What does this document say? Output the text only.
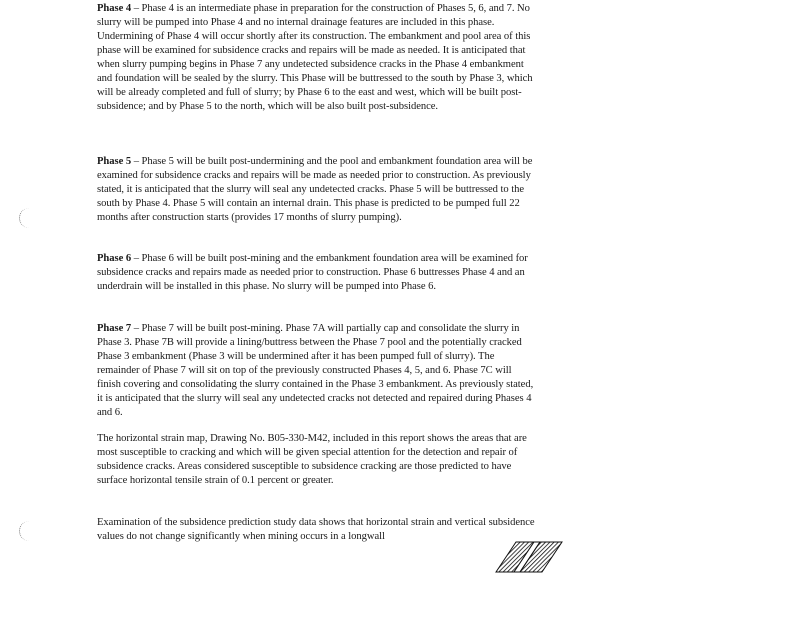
Phase 4 – Phase 4 is an intermediate phase in preparation for the construction of Phases 5, 6, and 7. No slurry will be pumped into Phase 4 and no internal drainage features are included in this phase. Undermining of Phase 4 will occur shortly after its construction. The embankment and pool area of this phase will be examined for subsidence cracks and repairs will be made as needed. It is anticipated that when slurry pumping begins in Phase 7 any undetected subsidence cracks in the Phase 4 embankment and foundation will be sealed by the slurry. This Phase will be buttressed to the south by Phase 3, which will be already completed and full of slurry; by Phase 6 to the east and west, which will be built post-subsidence; and by Phase 5 to the north, which will be also built post-subsidence.

Phase 5 – Phase 5 will be built post-undermining and the pool and embankment foundation area will be examined for subsidence cracks and repairs will be made as needed prior to construction. As previously stated, it is anticipated that the slurry will seal any undetected cracks. Phase 5 will be buttressed to the south by Phase 4. Phase 5 will contain an internal drain. This phase is predicted to be pumped full 22 months after construction starts (provides 17 months of slurry pumping).

Phase 6 – Phase 6 will be built post-mining and the embankment foundation area will be examined for subsidence cracks and repairs made as needed prior to construction. Phase 6 buttresses Phase 4 and an underdrain will be installed in this phase. No slurry will be pumped into Phase 6.

Phase 7 – Phase 7 will be built post-mining. Phase 7A will partially cap and consolidate the slurry in Phase 3. Phase 7B will provide a lining/buttress between the Phase 7 pool and the potentially cracked Phase 3 embankment (Phase 3 will be undermined after it has been pumped full of slurry). The remainder of Phase 7 will sit on top of the previously constructed Phases 4, 5, and 6. Phase 7C will finish covering and consolidating the slurry contained in the Phase 3 embankment. As previously stated, it is anticipated that the slurry will seal any undetected cracks not detected and repaired during Phases 4 and 6.

The horizontal strain map, Drawing No. B05-330-M42, included in this report shows the areas that are most susceptible to cracking and which will be given special attention for the detection and repair of subsidence cracks. Areas considered susceptible to subsidence cracking are those predicted to have surface horizontal tensile strain of 0.1 percent or greater.

Examination of the subsidence prediction study data shows that horizontal strain and vertical subsidence values do not change significantly when mining occurs in a longwall
